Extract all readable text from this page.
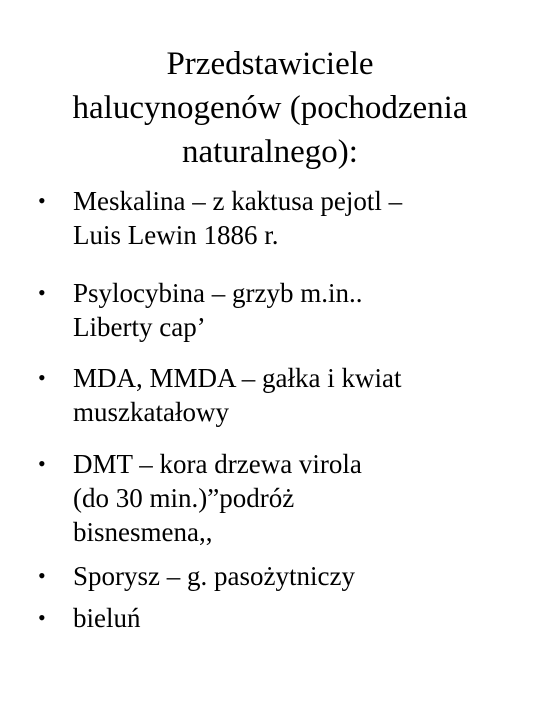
Przedstawiciele
halucynogenów (pochodzenia
naturalnego):
• Meskalina – z kaktusa pejotl –
Luis Lewin 1886 r.
• Psylocybina – grzyb m.in..
Liberty cap’
• MDA, MMDA – gałka i kwiat
muszkatałowy
• DMT – kora drzewa virola
(do 30 min.)”podróż
bisnesmena,,
• Sporysz – g. pasożytniczy
• bieluń
